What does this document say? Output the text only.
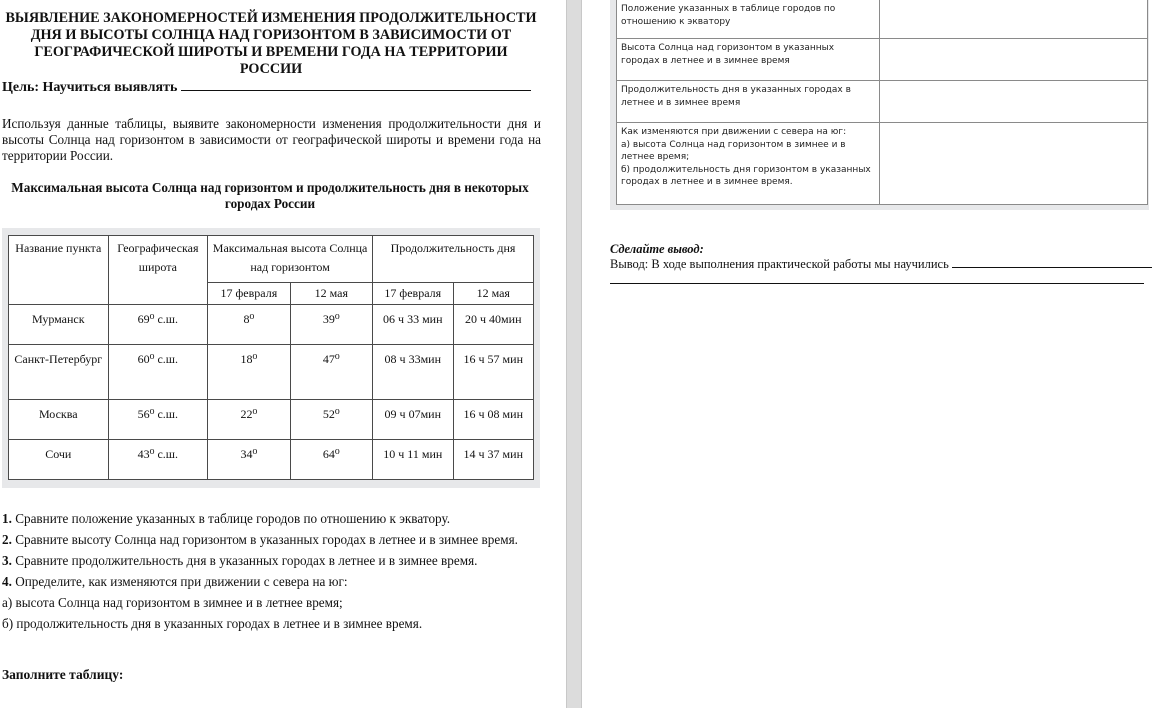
ВЫЯВЛЕНИЕ ЗАКОНОМЕРНОСТЕЙ ИЗМЕНЕНИЯ ПРОДОЛЖИТЕЛЬНОСТИ ДНЯ И ВЫСОТЫ СОЛНЦА НАД ГОРИЗОНТОМ В ЗАВИСИМОСТИ ОТ ГЕОГРАФИЧЕСКОЙ ШИРОТЫ И ВРЕМЕНИ ГОДА НА ТЕРРИТОРИИ РОССИИ
Цель: Научиться выявлять
Используя данные таблицы, выявите закономерности изменения продолжительности дня и высоты Солнца над горизонтом в зависимости от географической широты и времени года на территории России.
Максимальная высота Солнца над горизонтом и продолжительность дня в некоторых городах России
Название пункта	Географическая широта	Максимальная высота Солнца над горизонтом		Продолжительность дня	
		17 февраля	12 мая	17 февраля	12 мая
Мурманск	69⁰ с.ш.	8⁰	39⁰	06 ч 33 мин	20 ч 40мин
Санкт-Петербург	60⁰ с.ш.	18⁰	47⁰	08 ч 33мин	16 ч 57 мин
Москва	56⁰ с.ш.	22⁰	52⁰	09 ч 07мин	16 ч 08 мин
Сочи	43⁰ с.ш.	34⁰	64⁰	10 ч 11 мин	14 ч 37 мин

1. Сравните положение указанных в таблице городов по отношению к экватору.

2. Сравните высоту Солнца над горизонтом в указанных городах в летнее и в зимнее время.

3. Сравните продолжительность дня в указанных городах в летнее и в зимнее время.

4. Определите, как изменяются при движении с севера на юг:

а) высота Солнца над горизонтом в зимнее и в летнее время;

б) продолжительность дня в указанных городах в летнее и в зимнее время.

Заполните таблицу:
Положение указанных в таблице городов по отношению к экватору	
Высота Солнца над горизонтом в указанных городах в летнее и в зимнее время	
Продолжительность дня в указанных городах в летнее и в зимнее время	
Как изменяются при движении с севера на юг:
а) высота Солнца над горизонтом в зимнее и в летнее время;
б) продолжительность дня горизонтом в указанных городах в летнее и в зимнее время.	
Сделайте вывод:
Вывод: В ходе выполнения практической работы мы научились
